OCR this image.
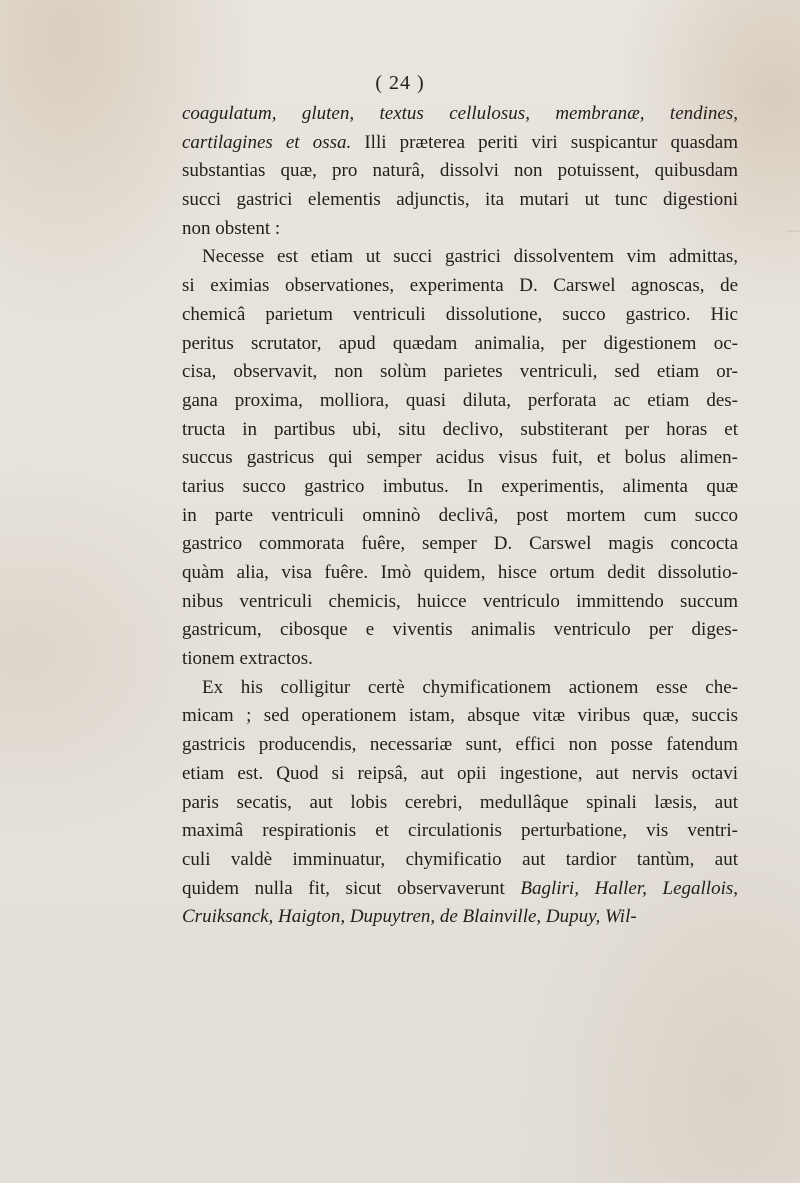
─​
( 24 )
coagulatum, gluten, textus cellulosus, membranæ, tendines,
cartilagines et ossa. Illi præterea periti viri suspicantur quasdam
substantias quæ, pro naturâ, dissolvi non potuissent, quibusdam
succi gastrici elementis adjunctis, ita mutari ut tunc digestioni
non obstent :
Necesse est etiam ut succi gastrici dissolventem vim admittas,
si eximias observationes, experimenta D. Carswel agnoscas, de
chemicâ parietum ventriculi dissolutione, succo gastrico. Hic
peritus scrutator, apud quædam animalia, per digestionem oc-
cisa, observavit, non solùm parietes ventriculi, sed etiam or-
gana proxima, molliora, quasi diluta, perforata ac etiam des-
tructa in partibus ubi, situ declivo, substiterant per horas et
succus gastricus qui semper acidus visus fuit, et bolus alimen-
tarius succo gastrico imbutus. In experimentis, alimenta quæ
in parte ventriculi omninò declivâ, post mortem cum succo
gastrico commorata fuêre, semper D. Carswel magis concocta
quàm alia, visa fuêre. Imò quidem, hisce ortum dedit dissolutio-
nibus ventriculi chemicis, huicce ventriculo immittendo succum
gastricum, cibosque e viventis animalis ventriculo per diges-
tionem extractos.
Ex his colligitur certè chymificationem actionem esse che-
micam ; sed operationem istam, absque vitæ viribus quæ, succis
gastricis producendis, necessariæ sunt, effici non posse fatendum
etiam est. Quod si reipsâ, aut opii ingestione, aut nervis octavi
paris secatis, aut lobis cerebri, medullâque spinali læsis, aut
maximâ respirationis et circulationis perturbatione, vis ventri-
culi valdè imminuatur, chymificatio aut tardior tantùm, aut
quidem nulla fit, sicut observaverunt Bagliri, Haller, Legallois,
Cruiksanck, Haigton, Dupuytren, de Blainville, Dupuy, Wil-
